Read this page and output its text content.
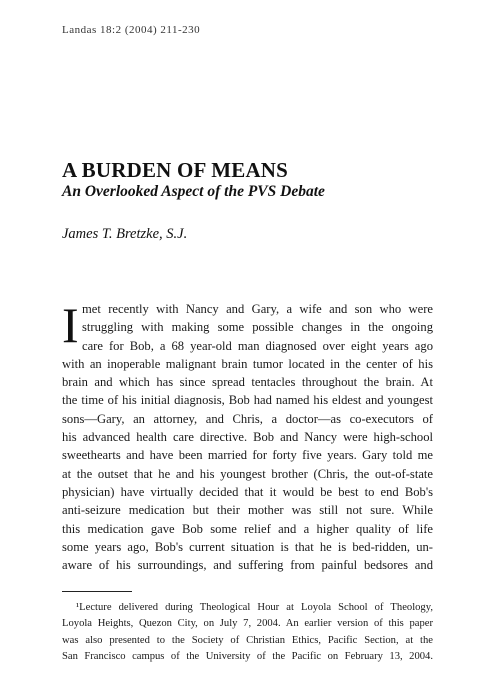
Landas 18:2 (2004) 211-230
A BURDEN OF MEANS
An Overlooked Aspect of the PVS Debate
James T. Bretzke, S.J.
I met recently with Nancy and Gary, a wife and son who were
struggling with making some possible changes in the ongoing
care for Bob, a 68 year-old man diagnosed over eight years ago
with an inoperable malignant brain tumor located in the center of his
brain and which has since spread tentacles throughout the brain. At
the time of his initial diagnosis, Bob had named his eldest and youngest
sons—Gary, an attorney, and Chris, a doctor—as co-executors of
his advanced health care directive. Bob and Nancy were high-school
sweethearts and have been married for forty five years. Gary told me
at the outset that he and his youngest brother (Chris, the out-of-state
physician) have virtually decided that it would be best to end Bob's
anti-seizure medication but their mother was still not sure. While
this medication gave Bob some relief and a higher quality of life
some years ago, Bob's current situation is that he is bed-ridden, un-
aware of his surroundings, and suffering from painful bedsores and
¹Lecture delivered during Theological Hour at Loyola School of Theology,
Loyola Heights, Quezon City, on July 7, 2004. An earlier version of this paper
was also presented to the Society of Christian Ethics, Pacific Section, at the
San Francisco campus of the University of the Pacific on February 13, 2004.
